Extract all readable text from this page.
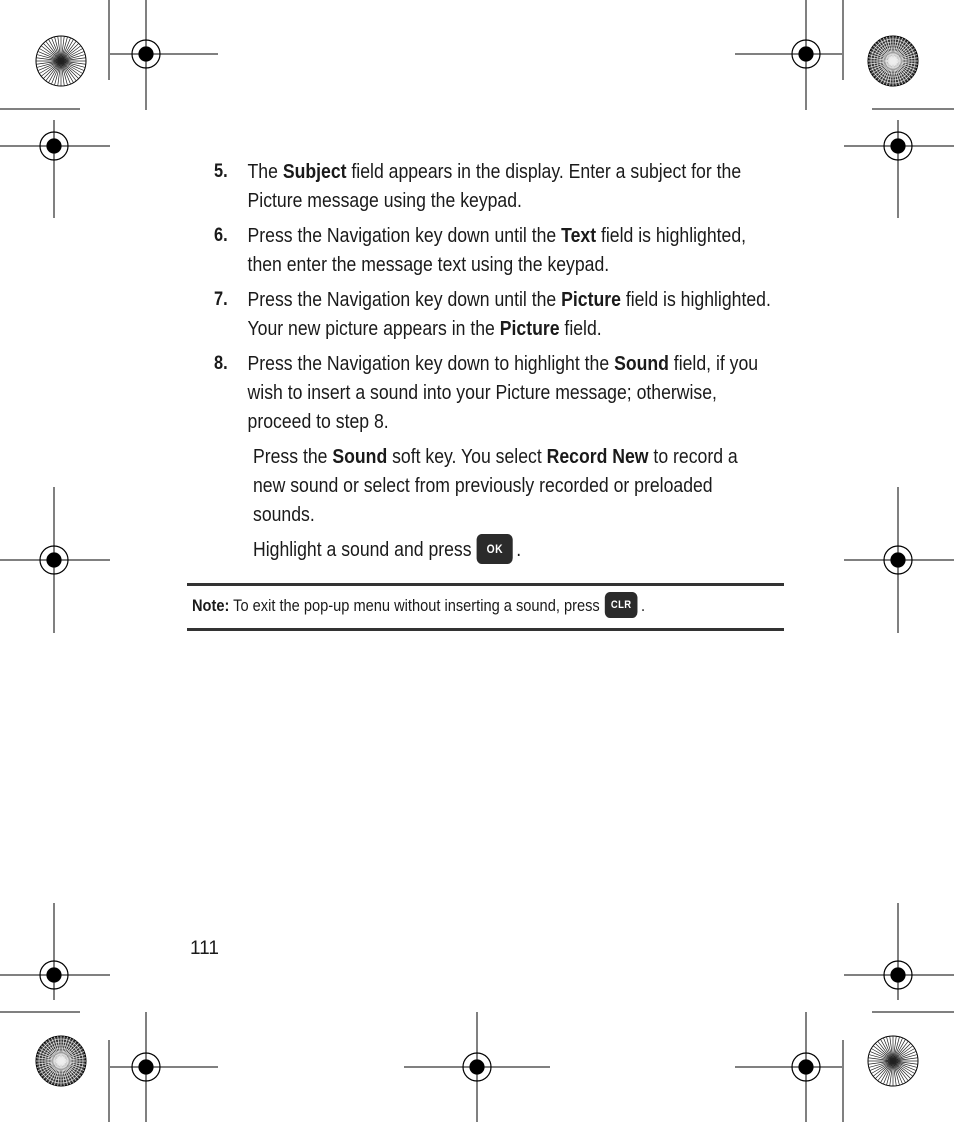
5. The Subject field appears in the display. Enter a subject for the Picture message using the keypad.
6. Press the Navigation key down until the Text field is highlighted, then enter the message text using the keypad.
7. Press the Navigation key down until the Picture field is highlighted. Your new picture appears in the Picture field.
8. Press the Navigation key down to highlight the Sound field, if you wish to insert a sound into your Picture message; otherwise, proceed to step 8.
Press the Sound soft key. You select Record New to record a new sound or select from previously recorded or preloaded sounds.
Highlight a sound and press OK .
Note: To exit the pop-up menu without inserting a sound, press CLR .
111
